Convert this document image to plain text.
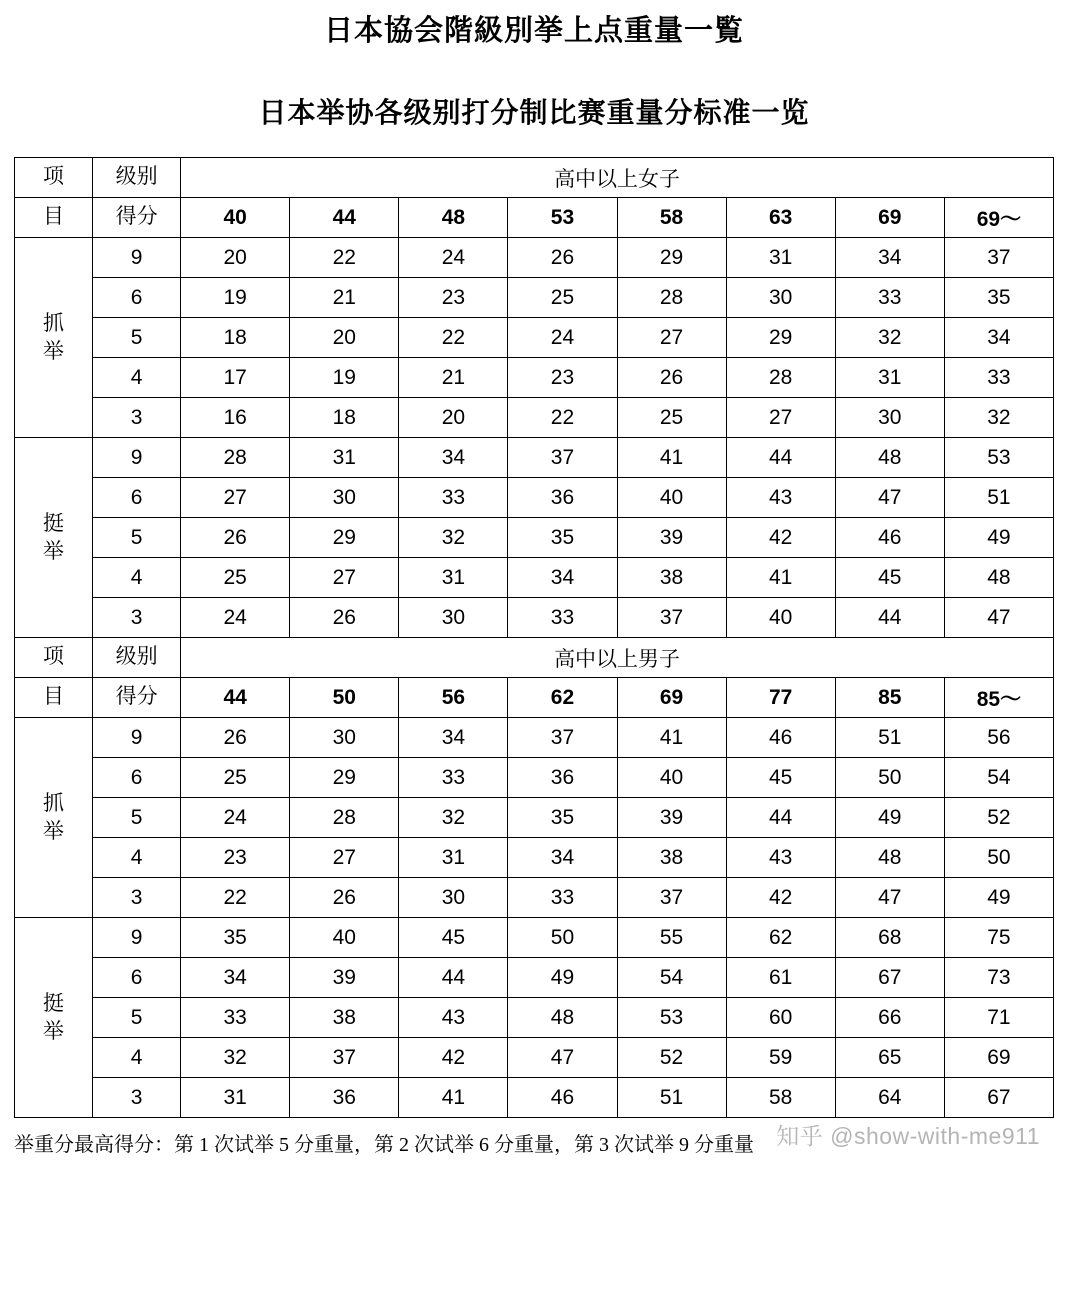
日本協会階級別挙上点重量一覧
日本举协各级别打分制比赛重量分标准一览
项	级别	高中以上女子							
目	得分	40	44	48	53	58	63	69	69〜
抓
举	9	20	22	24	26	29	31	34	37
	6	19	21	23	25	28	30	33	35
	5	18	20	22	24	27	29	32	34
	4	17	19	21	23	26	28	31	33
	3	16	18	20	22	25	27	30	32
挺
举	9	28	31	34	37	41	44	48	53
	6	27	30	33	36	40	43	47	51
	5	26	29	32	35	39	42	46	49
	4	25	27	31	34	38	41	45	48
	3	24	26	30	33	37	40	44	47
项	级别	高中以上男子							
目	得分	44	50	56	62	69	77	85	85〜
抓
举	9	26	30	34	37	41	46	51	56
	6	25	29	33	36	40	45	50	54
	5	24	28	32	35	39	44	49	52
	4	23	27	31	34	38	43	48	50
	3	22	26	30	33	37	42	47	49
挺
举	9	35	40	45	50	55	62	68	75
	6	34	39	44	49	54	61	67	73
	5	33	38	43	48	53	60	66	71
	4	32	37	42	47	52	59	65	69
	3	31	36	41	46	51	58	64	67
举重分最高得分：第 1 次试举 5 分重量，第 2 次试举 6 分重量，第 3 次试举 9 分重量 知乎 @show-with-me911
